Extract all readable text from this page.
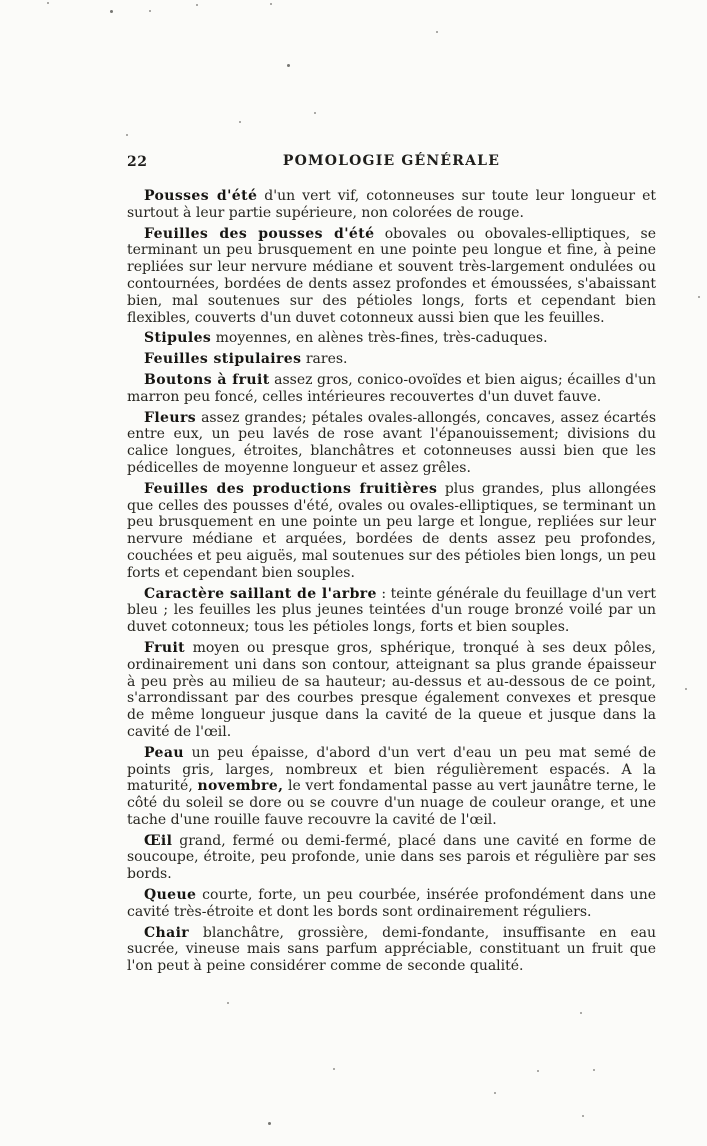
22	POMOLOGIE GÉNÉRALE

Pousses d'été d'un vert vif, cotonneuses sur toute leur longueur et surtout à leur partie supérieure, non colorées de rouge.

Feuilles des pousses d'été obovales ou obovales-elliptiques, se terminant un peu brusquement en une pointe peu longue et fine, à peine repliées sur leur nervure médiane et souvent très-largement ondulées ou contournées, bordées de dents assez profondes et émoussées, s'abaissant bien, mal soutenues sur des pétioles longs, forts et cependant bien flexibles, couverts d'un duvet cotonneux aussi bien que les feuilles.

Stipules moyennes, en alènes très-fines, très-caduques.

Feuilles stipulaires rares.

Boutons à fruit assez gros, conico-ovoïdes et bien aigus; écailles d'un marron peu foncé, celles intérieures recouvertes d'un duvet fauve.

Fleurs assez grandes; pétales ovales-allongés, concaves, assez écartés entre eux, un peu lavés de rose avant l'épanouissement; divisions du calice longues, étroites, blanchâtres et cotonneuses aussi bien que les pédicelles de moyenne longueur et assez grêles.

Feuilles des productions fruitières plus grandes, plus allongées que celles des pousses d'été, ovales ou ovales-elliptiques, se terminant un peu brusquement en une pointe un peu large et longue, repliées sur leur nervure médiane et arquées, bordées de dents assez peu profondes, couchées et peu aiguës, mal soutenues sur des pétioles bien longs, un peu forts et cependant bien souples.

Caractère saillant de l'arbre : teinte générale du feuillage d'un vert bleu ; les feuilles les plus jeunes teintées d'un rouge bronzé voilé par un duvet cotonneux; tous les pétioles longs, forts et bien souples.

Fruit moyen ou presque gros, sphérique, tronqué à ses deux pôles, ordinairement uni dans son contour, atteignant sa plus grande épaisseur à peu près au milieu de sa hauteur; au-dessus et au-dessous de ce point, s'arrondissant par des courbes presque également convexes et presque de même longueur jusque dans la cavité de la queue et jusque dans la cavité de l'œil.

Peau un peu épaisse, d'abord d'un vert d'eau un peu mat semé de points gris, larges, nombreux et bien régulièrement espacés. A la maturité, novembre, le vert fondamental passe au vert jaunâtre terne, le côté du soleil se dore ou se couvre d'un nuage de couleur orange, et une tache d'une rouille fauve recouvre la cavité de l'œil.

Œil grand, fermé ou demi-fermé, placé dans une cavité en forme de soucoupe, étroite, peu profonde, unie dans ses parois et régulière par ses bords.

Queue courte, forte, un peu courbée, insérée profondément dans une cavité très-étroite et dont les bords sont ordinairement réguliers.

Chair blanchâtre, grossière, demi-fondante, insuffisante en eau sucrée, vineuse mais sans parfum appréciable, constituant un fruit que l'on peut à peine considérer comme de seconde qualité.
